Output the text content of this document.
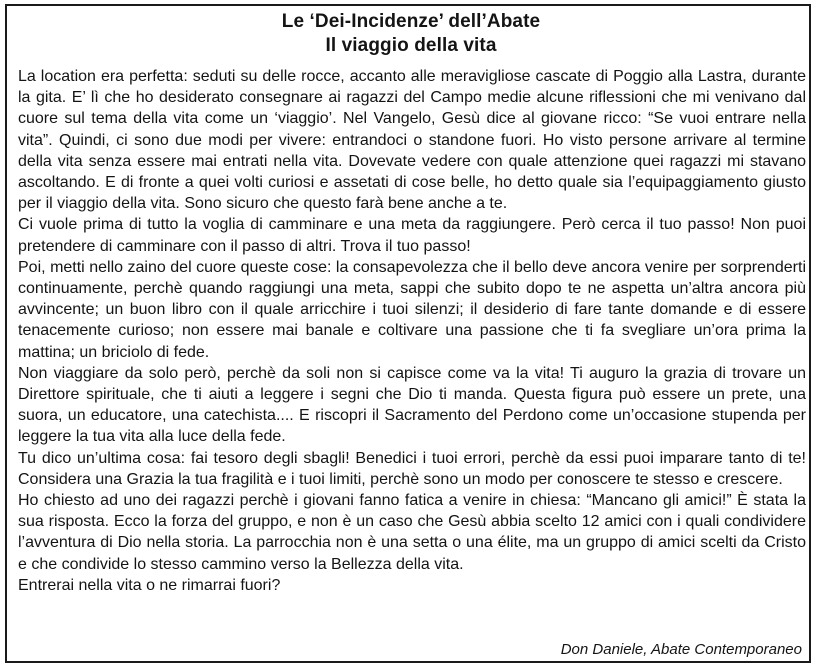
Le ‘Dei-Incidenze’ dell’Abate
Il viaggio della vita

La location era perfetta: seduti su delle rocce, accanto alle meravigliose cascate di Poggio alla Lastra, durante la gita. E’ lì che ho desiderato consegnare ai ragazzi del Campo medie alcune riflessioni che mi venivano dal cuore sul tema della vita come un ‘viaggio’. Nel Vangelo, Gesù dice al giovane ricco: “Se vuoi entrare nella vita”. Quindi, ci sono due modi per vivere: entrandoci o standone fuori. Ho visto persone arrivare al termine della vita senza essere mai entrati nella vita. Dovevate vedere con quale attenzione quei ragazzi mi stavano ascoltando. E di fronte a quei volti curiosi e assetati di cose belle, ho detto quale sia l’equipaggiamento giusto per il viaggio della vita. Sono sicuro che questo farà bene anche a te.

Ci vuole prima di tutto la voglia di camminare e una meta da raggiungere. Però cerca il tuo passo! Non puoi pretendere di camminare con il passo di altri. Trova il tuo passo!

Poi, metti nello zaino del cuore queste cose: la consapevolezza che il bello deve ancora venire per sorprenderti continuamente, perchè quando raggiungi una meta, sappi che subito dopo te ne aspetta un’altra ancora più avvincente; un buon libro con il quale arricchire i tuoi silenzi; il desiderio di fare tante domande e di essere tenacemente curioso; non essere mai banale e coltivare una passione che ti fa svegliare un’ora prima la mattina; un briciolo di fede.

Non viaggiare da solo però, perchè da soli non si capisce come va la vita! Ti auguro la grazia di trovare un Direttore spirituale, che ti aiuti a leggere i segni che Dio ti manda. Questa figura può essere un prete, una suora, un educatore, una catechista.... E riscopri il Sacramento del Perdono come un’occasione stupenda per leggere la tua vita alla luce della fede.

Tu dico un’ultima cosa: fai tesoro degli sbagli! Benedici i tuoi errori, perchè da essi puoi imparare tanto di te! Considera una Grazia la tua fragilità e i tuoi limiti, perchè sono un modo per conoscere te stesso e crescere.

Ho chiesto ad uno dei ragazzi perchè i giovani fanno fatica a venire in chiesa: “Mancano gli amici!” È stata la sua risposta. Ecco la forza del gruppo, e non è un caso che Gesù abbia scelto 12 amici con i quali condividere l’avventura di Dio nella storia. La parrocchia non è una setta o una élite, ma un gruppo di amici scelti da Cristo e che condivide lo stesso cammino verso la Bellezza della vita.

Entrerai nella vita o ne rimarrai fuori?

Don Daniele, Abate Contemporaneo
